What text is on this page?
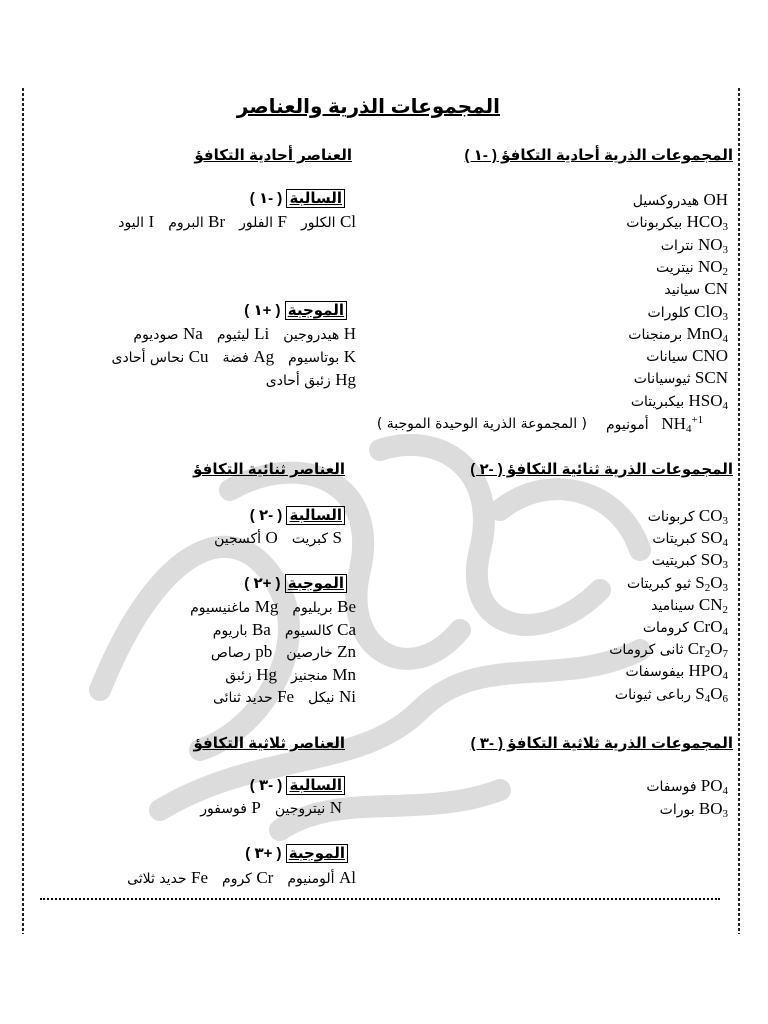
المجموعات الذرية والعناصر
المجموعات الذرية أحادية التكافؤ ( -١ )
العناصر أحادية التكافؤ
هيدروكسيل OH
بيكربونات $HCO_3$
نترات $NO_3$
نيتريت $NO_2$
سيانيد CN
كلورات ClO$_3$
برمنجنات MnO$_4$
سيانات CNO
ثيوسيانات SCN
بيكبريتات $HSO_4$
أمونيوم $NH_4^{+1}$
( المجموعة الذرية الوحيدة الموجبة )
السالبة ( -١ )
Cl الكلورF الفلورBr البرومI اليود
الموجبة ( +١ )
H هيدروجينLi ليثيومNa صوديوم
K بوتاسيومAg فضةCu نحاس أحادى
Hg زئبق أحادى
المجموعات الذرية ثنائية التكافؤ ( -٢ )
العناصر ثنائية التكافؤ
كربونات $CO_3$
كبريتات $SO_4$
كبريتيت $SO_3$
ثيو كبريتات $S_2O_3$
سيناميد $CN_2$
كرومات CrO$_4$
ثانى كرومات $Cr_2O_7$
بيفوسفات $HPO_4$
رباعى ثيونات $S_4O_6$
السالبة ( -٢ )
S كبريتO أكسجين
الموجبة ( +٢ )
Be بريليومMg ماغنيسيوم
Ca كالسيومBa باريوم
Zn خارصينpb رصاص
Mn منجنيزHg زئبق
Ni نيكلFe حديد ثنائى
المجموعات الذرية ثلاثية التكافؤ ( -٣ )
العناصر ثلاثية التكافؤ
فوسفات $PO_4$
بورات $BO_3$
السالبة ( -٣ )
N نيتروجينP فوسفور
الموجبة ( +٣ )
Al ألومنيومCr كرومFe حديد ثلاثى
